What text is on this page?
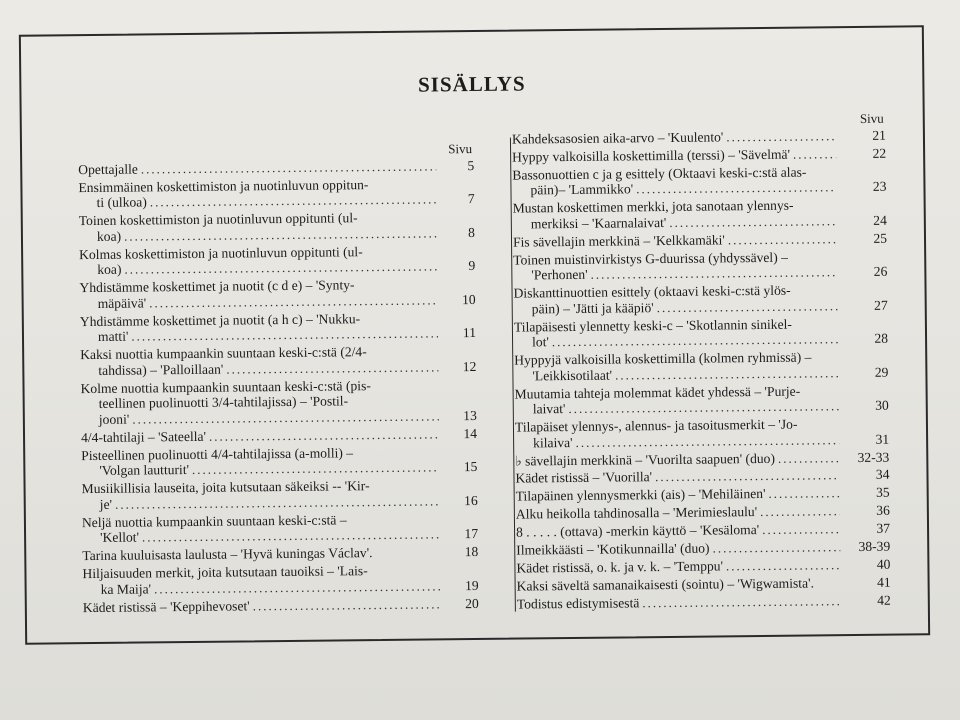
SISÄLLYS
Sivu
Opettajalle .....	5
Ensimmäinen koskettimiston ja nuotinluvun oppitun-
ti (ulkoa) .....	7
Toinen koskettimiston ja nuotinluvun oppitunti (ul-
koa) .....	8
Kolmas koskettimiston ja nuotinluvun oppitunti (ul-
koa) .....	9
Yhdistämme koskettimet ja nuotit (c d e) – 'Synty-
mäpäivä' .....	10
Yhdistämme koskettimet ja nuotit (a h c) – 'Nukku-
matti' .....	11
Kaksi nuottia kumpaankin suuntaan keski-c:stä (2/4-
tahdissa) – 'Palloillaan' .....	12
Kolme nuottia kumpaankin suuntaan keski-c:stä (pis-
teellinen puolinuotti 3/4-tahtilajissa) – 'Postil-
jooni' .....	13
4/4-tahtilaji – 'Sateella' .....	14
Pisteellinen puolinuotti 4/4-tahtilajissa (a-molli) –
'Volgan lautturit' .....	15
Musiikillisia lauseita, joita kutsutaan säkeiksi -- 'Kir-
je' .....	16
Neljä nuottia kumpaankin suuntaan keski-c:stä –
'Kellot' .....	17
Tarina kuuluisasta laulusta – 'Hyvä kuningas Václav'.	18
Hiljaisuuden merkit, joita kutsutaan tauoiksi – 'Lais-
ka Maija' .....	19
Kädet ristissä – 'Keppihevoset' .....	20
Sivu
Kahdeksasosien aika-arvo – 'Kuulento' .....	21
Hyppy valkoisilla koskettimilla (terssi) – 'Sävelmä' .....	22
Bassonuottien c ja g esittely (Oktaavi keski-c:stä alas-
päin)– 'Lammikko' .....	23
Mustan koskettimen merkki, jota sanotaan ylennys-
merkiksi – 'Kaarnalaivat' .....	24
Fis sävellajin merkkinä – 'Kelkkamäki' .....	25
Toinen muistinvirkistys G-duurissa (yhdyssävel) –
'Perhonen' .....	26
Diskanttinuottien esittely (oktaavi keski-c:stä ylös-
päin) – 'Jätti ja kääpiö' .....	27
Tilapäisesti ylennetty keski-c – 'Skotlannin sinikel-
lot' .....	28
Hyppyjä valkoisilla koskettimilla (kolmen ryhmissä) –
'Leikkisotilaat' .....	29
Muutamia tahteja molemmat kädet yhdessä – 'Purje-
laivat' .....	30
Tilapäiset ylennys-, alennus- ja tasoitusmerkit – 'Jo-
kilaiva' .....	31
♭ sävellajin merkkinä – 'Vuorilta saapuen' (duo) .....	32-33
Kädet ristissä – 'Vuorilla' .....	34
Tilapäinen ylennysmerkki (ais) – 'Mehiläinen' .....	35
Alku heikolla tahdinosalla – 'Merimieslaulu' .....	36
8 . . . . . (ottava) -merkin käyttö – 'Kesäloma' .....	37
Ilmeikkäästi – 'Kotikunnailla' (duo) .....	38-39
Kädet ristissä, o. k. ja v. k. – 'Temppu' .....	40
Kaksi säveltä samanaikaisesti (sointu) – 'Wigwamista'.	41
Todistus edistymisestä .....	42
